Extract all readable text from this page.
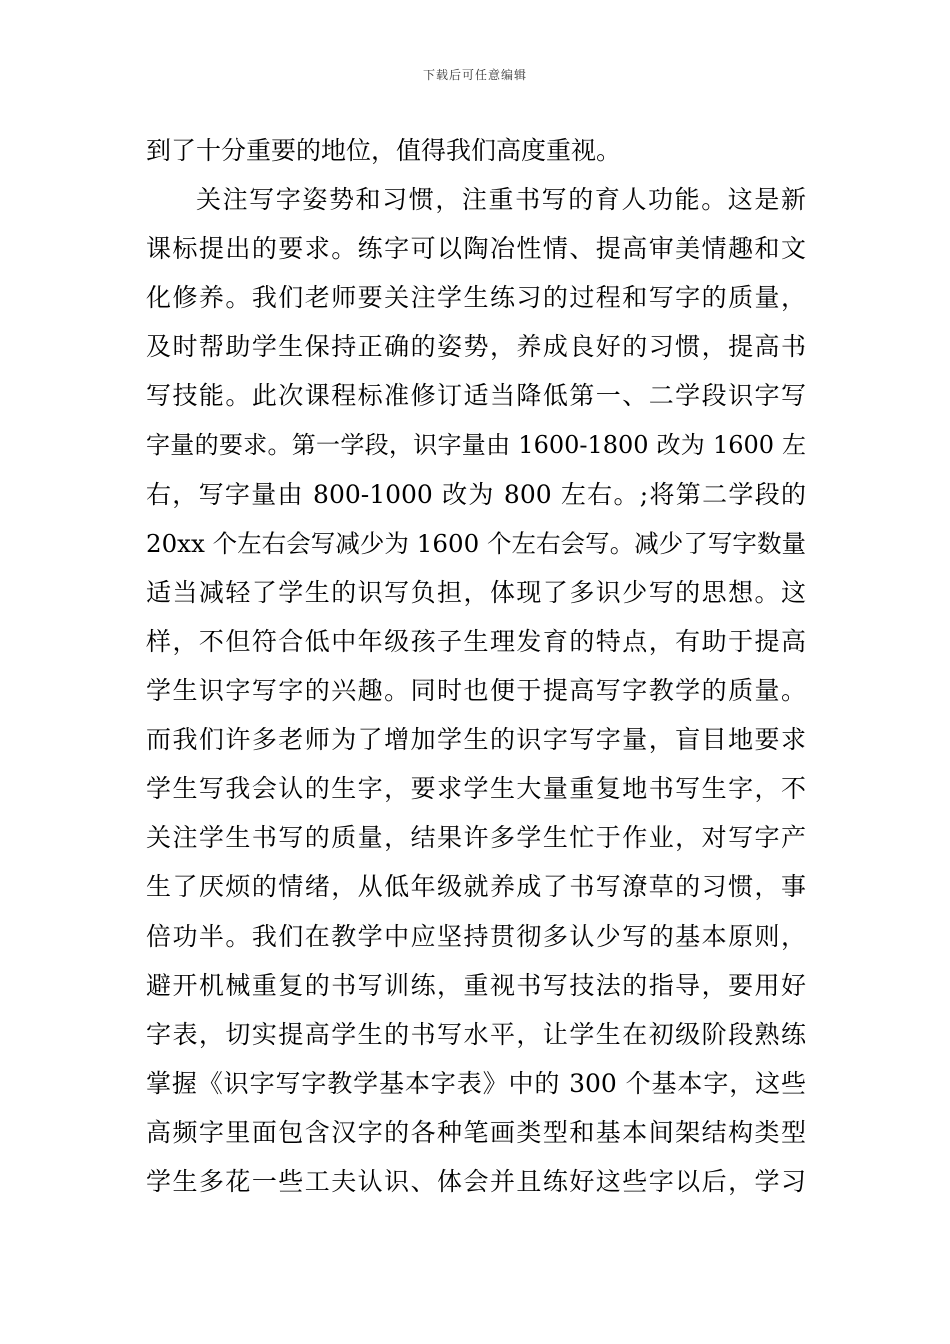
下载后可任意编辑
到了十分重要的地位，值得我们高度重视。
关注写字姿势和习惯，注重书写的育人功能。这是新
课标提出的要求。练字可以陶冶性情、提高审美情趣和文
化修养。我们老师要关注学生练习的过程和写字的质量，
及时帮助学生保持正确的姿势，养成良好的习惯，提高书
写技能。此次课程标准修订适当降低第一、二学段识字写
字量的要求。第一学段，识字量由 1600-1800 改为 1600 左
右，写字量由 800-1000 改为 800 左右。;将第二学段的
20xx 个左右会写减少为 1600 个左右会写。减少了写字数量
适当减轻了学生的识写负担，体现了多识少写的思想。这
样，不但符合低中年级孩子生理发育的特点，有助于提高
学生识字写字的兴趣。同时也便于提高写字教学的质量。
而我们许多老师为了增加学生的识字写字量，盲目地要求
学生写我会认的生字，要求学生大量重复地书写生字，不
关注学生书写的质量，结果许多学生忙于作业，对写字产
生了厌烦的情绪，从低年级就养成了书写潦草的习惯，事
倍功半。我们在教学中应坚持贯彻多认少写的基本原则，
避开机械重复的书写训练，重视书写技法的指导，要用好
字表，切实提高学生的书写水平，让学生在初级阶段熟练
掌握《识字写字教学基本字表》中的 300 个基本字，这些
高频字里面包含汉字的各种笔画类型和基本间架结构类型
学生多花一些工夫认识、体会并且练好这些字以后，学习
